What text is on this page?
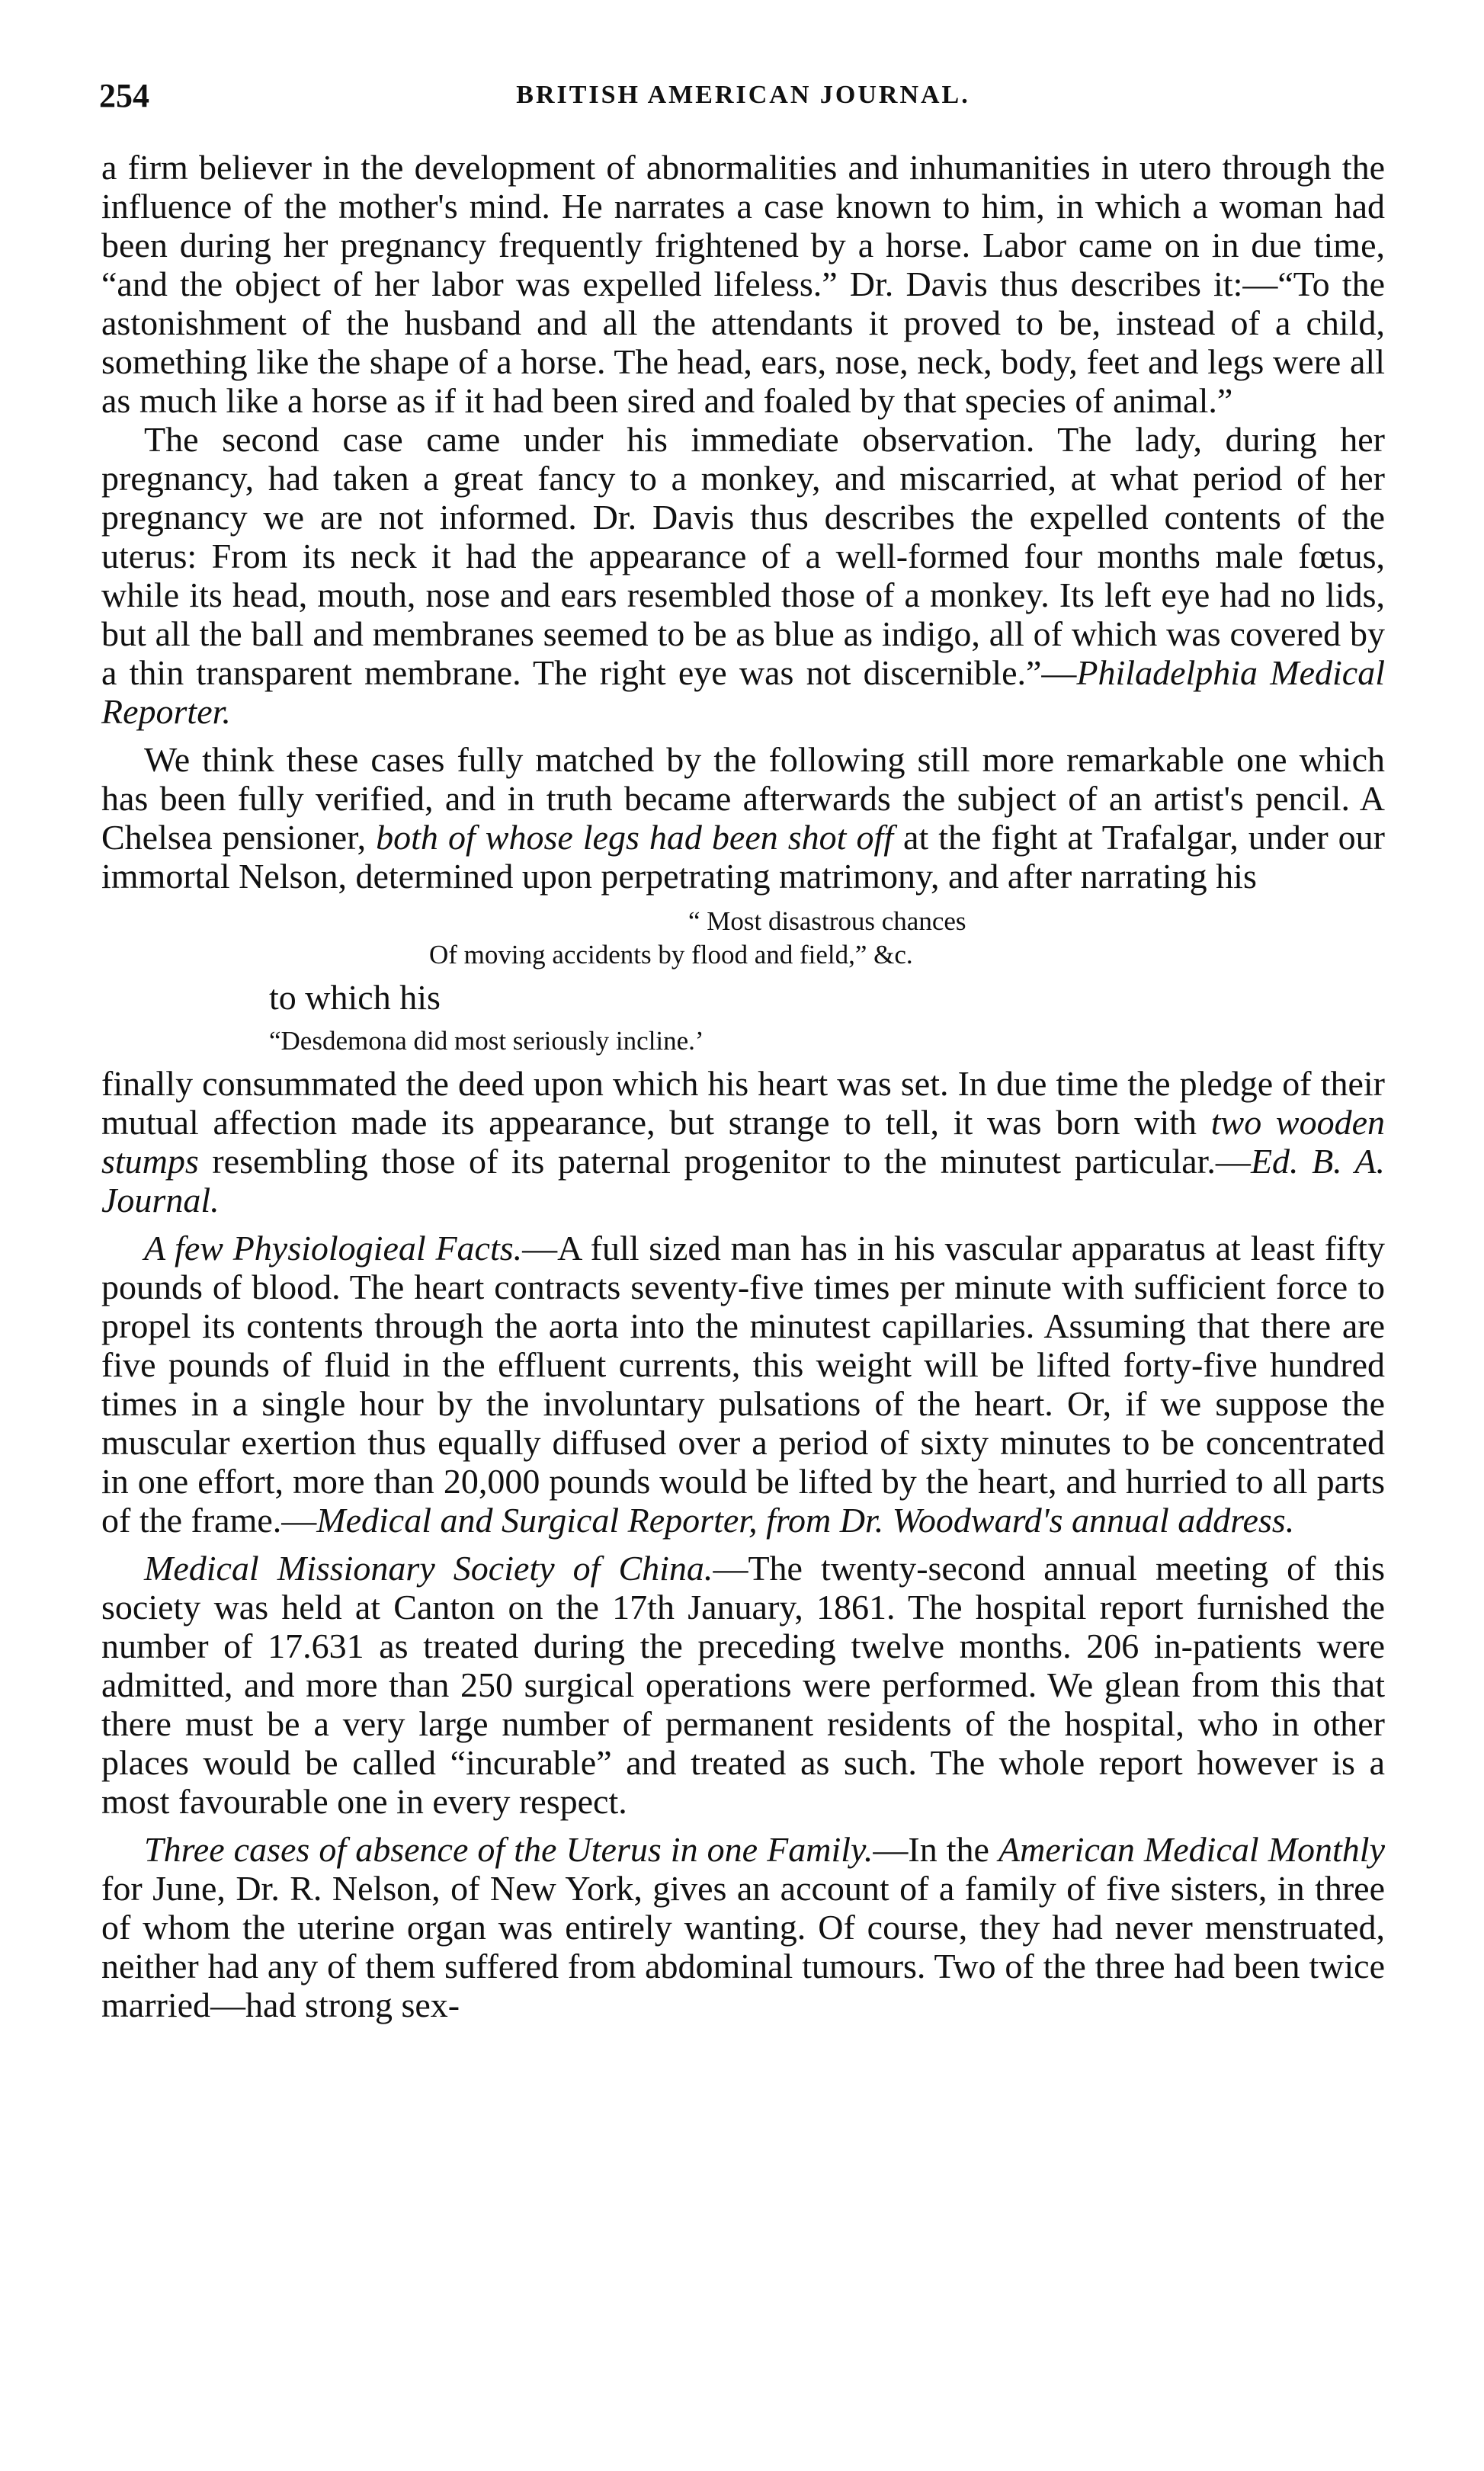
254	BRITISH AMERICAN JOURNAL.

a firm believer in the development of abnormalities and inhumanities in utero through the influence of the mother's mind. He narrates a case known to him, in which a woman had been during her pregnancy frequently frightened by a horse. Labor came on in due time, “and the object of her labor was expelled lifeless.” Dr. Davis thus describes it:—“To the astonishment of the husband and all the attendants it proved to be, instead of a child, something like the shape of a horse. The head, ears, nose, neck, body, feet and legs were all as much like a horse as if it had been sired and foaled by that species of animal.”

The second case came under his immediate observation. The lady, during her pregnancy, had taken a great fancy to a monkey, and miscarried, at what period of her pregnancy we are not informed. Dr. Davis thus describes the expelled contents of the uterus: From its neck it had the appearance of a well-formed four months male fœtus, while its head, mouth, nose and ears resembled those of a monkey. Its left eye had no lids, but all the ball and membranes seemed to be as blue as indigo, all of which was covered by a thin transparent membrane. The right eye was not discernible.”—Philadelphia Medical Reporter.

We think these cases fully matched by the following still more remarkable one which has been fully verified, and in truth became afterwards the subject of an artist's pencil. A Chelsea pensioner, both of whose legs had been shot off at the fight at Trafalgar, under our immortal Nelson, determined upon perpetrating matrimony, and after narrating his

“ Most disastrous chances
Of moving accidents by flood and field,” &c.

to which his

“Desdemona did most seriously incline.’

finally consummated the deed upon which his heart was set. In due time the pledge of their mutual affection made its appearance, but strange to tell, it was born with two wooden stumps resembling those of its paternal progenitor to the minutest particular.—Ed. B. A. Journal.

A few Physiologieal Facts.—A full sized man has in his vascular apparatus at least fifty pounds of blood. The heart contracts seventy-five times per minute with sufficient force to propel its contents through the aorta into the minutest capillaries. Assuming that there are five pounds of fluid in the effluent currents, this weight will be lifted forty-five hundred times in a single hour by the involuntary pulsations of the heart. Or, if we suppose the muscular exertion thus equally diffused over a period of sixty minutes to be concentrated in one effort, more than 20,000 pounds would be lifted by the heart, and hurried to all parts of the frame.—Medical and Surgical Reporter, from Dr. Woodward's annual address.

Medical Missionary Society of China.—The twenty-second annual meeting of this society was held at Canton on the 17th January, 1861. The hospital report furnished the number of 17.631 as treated during the preceding twelve months. 206 in-patients were admitted, and more than 250 surgical operations were performed. We glean from this that there must be a very large number of permanent residents of the hospital, who in other places would be called “incurable” and treated as such. The whole report however is a most favourable one in every respect.

Three cases of absence of the Uterus in one Family.—In the American Medical Monthly for June, Dr. R. Nelson, of New York, gives an account of a family of five sisters, in three of whom the uterine organ was entirely wanting. Of course, they had never menstruated, neither had any of them suffered from abdominal tumours. Two of the three had been twice married—had strong sex-
